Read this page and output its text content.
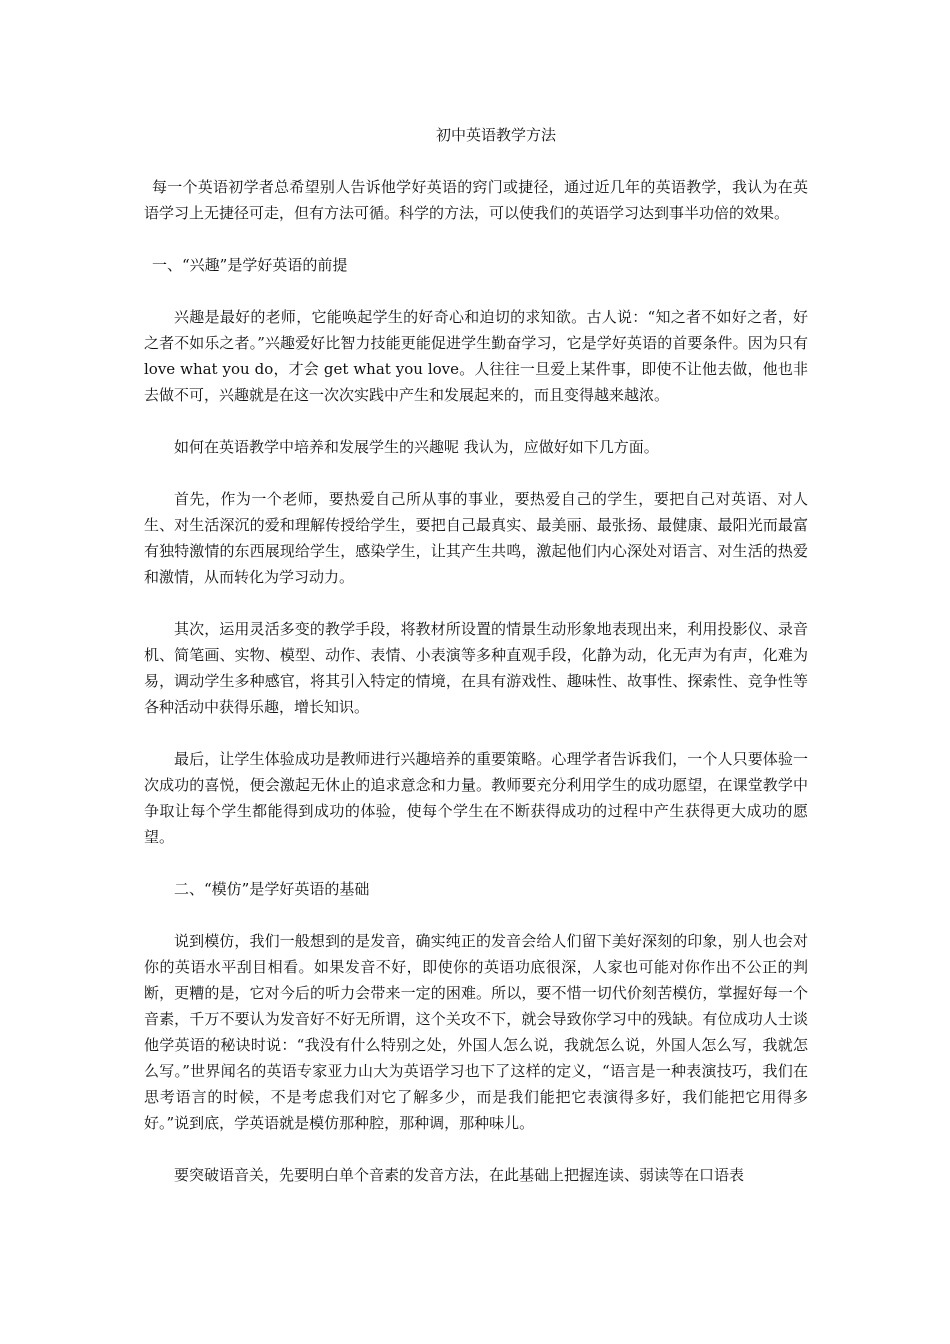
初中英语教学方法

每一个英语初学者总希望别人告诉他学好英语的窍门或捷径，通过近几年的英语教学，我认为在英语学习上无捷径可走，但有方法可循。科学的方法，可以使我们的英语学习达到事半功倍的效果。

一、“兴趣”是学好英语的前提

兴趣是最好的老师，它能唤起学生的好奇心和迫切的求知欲。古人说：“知之者不如好之者，好之者不如乐之者。”兴趣爱好比智力技能更能促进学生勤奋学习，它是学好英语的首要条件。因为只有 love what you do，才会 get what you love。人往往一旦爱上某件事，即使不让他去做，他也非去做不可，兴趣就是在这一次次实践中产生和发展起来的，而且变得越来越浓。

如何在英语教学中培养和发展学生的兴趣呢 我认为，应做好如下几方面。

首先，作为一个老师，要热爱自己所从事的事业，要热爱自己的学生，要把自己对英语、对人生、对生活深沉的爱和理解传授给学生，要把自己最真实、最美丽、最张扬、最健康、最阳光而最富有独特激情的东西展现给学生，感染学生，让其产生共鸣，激起他们内心深处对语言、对生活的热爱和激情，从而转化为学习动力。

其次，运用灵活多变的教学手段，将教材所设置的情景生动形象地表现出来，利用投影仪、录音机、简笔画、实物、模型、动作、表情、小表演等多种直观手段，化静为动，化无声为有声，化难为易，调动学生多种感官，将其引入特定的情境，在具有游戏性、趣味性、故事性、探索性、竞争性等各种活动中获得乐趣，增长知识。

最后，让学生体验成功是教师进行兴趣培养的重要策略。心理学者告诉我们，一个人只要体验一次成功的喜悦，便会激起无休止的追求意念和力量。教师要充分利用学生的成功愿望，在课堂教学中争取让每个学生都能得到成功的体验，使每个学生在不断获得成功的过程中产生获得更大成功的愿望。

二、“模仿”是学好英语的基础

说到模仿，我们一般想到的是发音，确实纯正的发音会给人们留下美好深刻的印象，别人也会对你的英语水平刮目相看。如果发音不好，即使你的英语功底很深，人家也可能对你作出不公正的判断，更糟的是，它对今后的听力会带来一定的困难。所以，要不惜一切代价刻苦模仿，掌握好每一个音素，千万不要认为发音好不好无所谓，这个关攻不下，就会导致你学习中的残缺。有位成功人士谈他学英语的秘诀时说：“我没有什么特别之处，外国人怎么说，我就怎么说，外国人怎么写，我就怎么写。”世界闻名的英语专家亚力山大为英语学习也下了这样的定义，“语言是一种表演技巧，我们在思考语言的时候，不是考虑我们对它了解多少，而是我们能把它表演得多好，我们能把它用得多好。”说到底，学英语就是模仿那种腔，那种调，那种味儿。

要突破语音关，先要明白单个音素的发音方法，在此基础上把握连读、弱读等在口语表
